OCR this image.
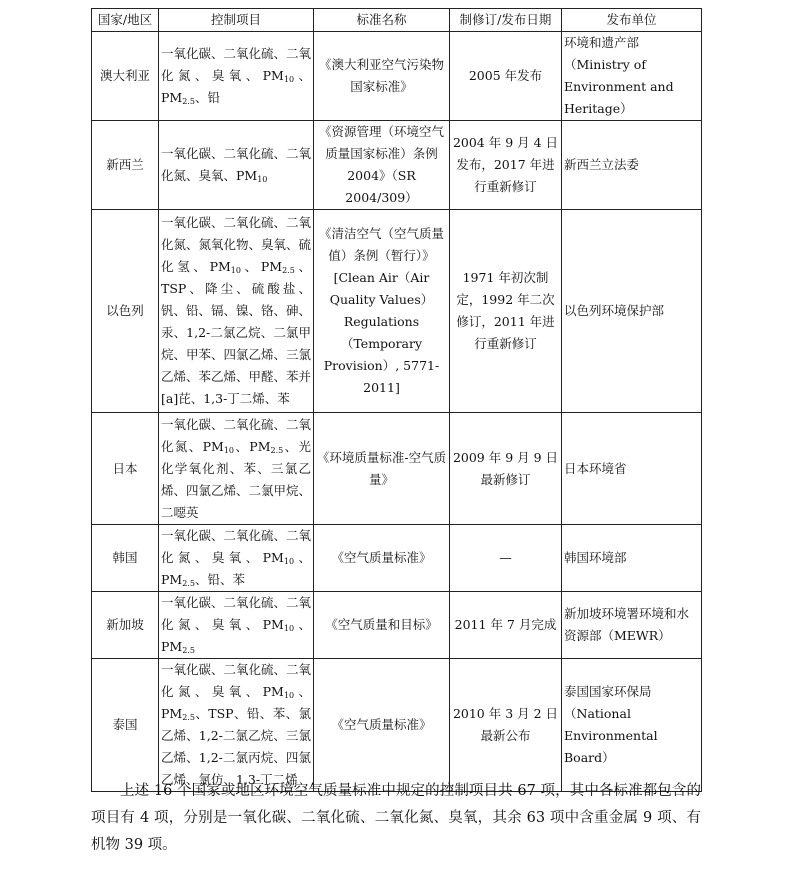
国家/地区	控制项目	标准名称	制修订/发布日期	发布单位
澳大利亚	一氧化碳、二氧化硫、二氧化氮、臭氧、$PM_{10}$、$PM_{2.5}$、铅	《澳大利亚空气污染物国家标准》	2005 年发布	环境和遗产部（Ministry of Environment and Heritage）
新西兰	一氧化碳、二氧化硫、二氧化氮、臭氧、$PM_{10}$	《资源管理（环境空气质量国家标准）条例 2004》（SR 2004/309）	2004 年 9 月 4 日发布，2017 年进行重新修订	新西兰立法委
以色列	一氧化碳、二氧化硫、二氧化氮、氮氧化物、臭氧、硫化氢、$PM_{10}$、$PM_{2.5}$、TSP、降尘、硫酸盐、钒、铅、镉、镍、铬、砷、汞、1,2-二氯乙烷、二氯甲烷、甲苯、四氯乙烯、三氯乙烯、苯乙烯、甲醛、苯并[a]芘、1,3-丁二烯、苯	《清洁空气（空气质量值）条例（暂行）》[Clean Air（Air Quality Values） Regulations（Temporary Provision）, 5771-2011]	1971 年初次制定，1992 年二次修订，2011 年进行重新修订	以色列环境保护部
日本	一氧化碳、二氧化硫、二氧化氮、$PM_{10}$、$PM_{2.5}$、光化学氧化剂、苯、三氯乙烯、四氯乙烯、二氯甲烷、二噁英	《环境质量标准-空气质量》	2009 年 9 月 9 日最新修订	日本环境省
韩国	一氧化碳、二氧化硫、二氧化氮、臭氧、$PM_{10}$、$PM_{2.5}$、铅、苯	《空气质量标准》	—	韩国环境部
新加坡	一氧化碳、二氧化硫、二氧化氮、臭氧、$PM_{10}$、$PM_{2.5}$	《空气质量和目标》	2011 年 7 月完成	新加坡环境署环境和水资源部（MEWR）
泰国	一氧化碳、二氧化硫、二氧化氮、臭氧、$PM_{10}$、$PM_{2.5}$、TSP、铅、苯、氯乙烯、1,2-二氯乙烷、三氯乙烯、1,2-二氯丙烷、四氯乙烯、氯仿、1,3-丁二烯	《空气质量标准》	2010 年 3 月 2 日最新公布	泰国国家环保局（National Environmental Board）

上述 16 个国家或地区环境空气质量标准中规定的控制项目共 67 项，其中各标准都包含的项目有 4 项，分别是一氧化碳、二氧化硫、二氧化氮、臭氧，其余 63 项中含重金属 9 项、有机物 39 项。
